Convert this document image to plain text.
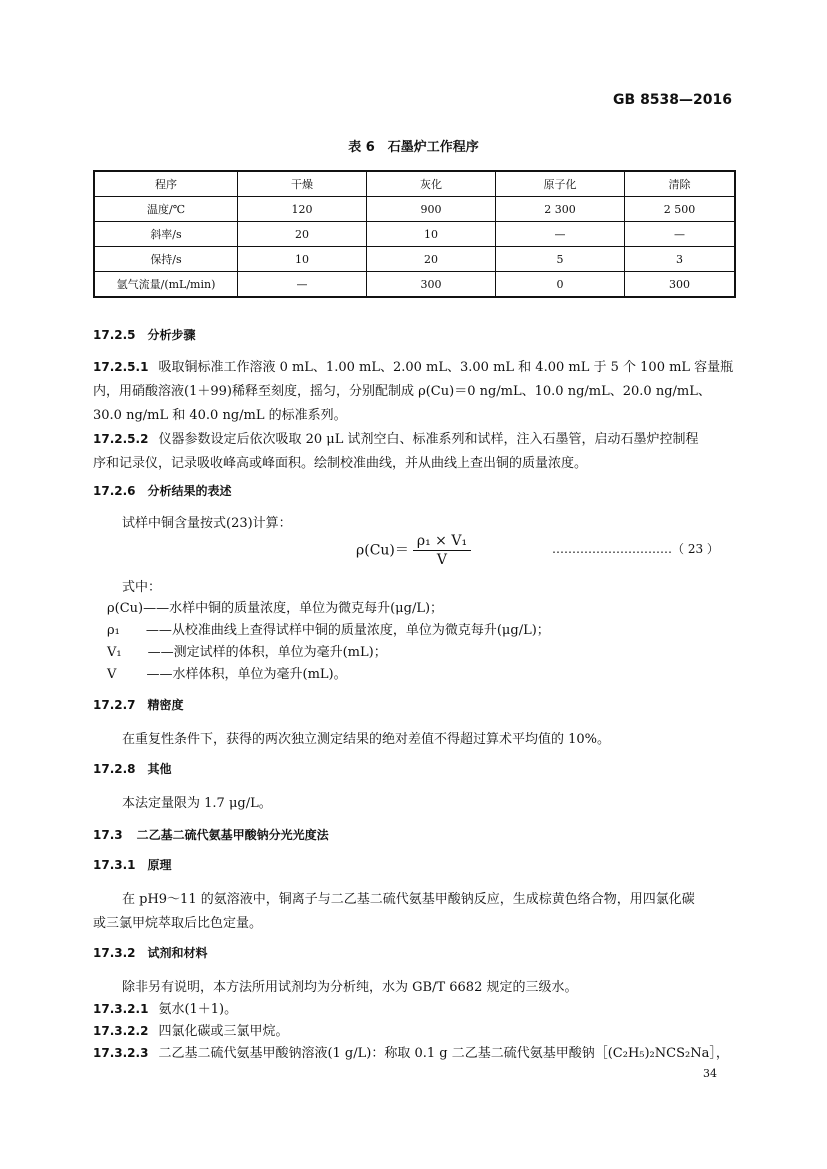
GB 8538—2016
表 6　石墨炉工作程序
程序	干燥	灰化	原子化	清除
温度/℃	120	900	2 300	2 500
斜率/s	20	10	—	—
保持/s	10	20	5	3
氩气流量/(mL/min)	—	300	0	300
17.2.5 分析步骤
17.2.5.1 吸取铜标准工作溶液 0 mL、1.00 mL、2.00 mL、3.00 mL 和 4.00 mL 于 5 个 100 mL 容量瓶
内，用硝酸溶液(1＋99)稀释至刻度，摇匀，分别配制成 ρ(Cu)＝0 ng/mL、10.0 ng/mL、20.0 ng/mL、
30.0 ng/mL 和 40.0 ng/mL 的标准系列。
17.2.5.2 仪器参数设定后依次吸取 20 μL 试剂空白、标准系列和试样，注入石墨管，启动石墨炉控制程
序和记录仪，记录吸收峰高或峰面积。绘制校准曲线，并从曲线上查出铜的质量浓度。
17.2.6 分析结果的表述
试样中铜含量按式(23)计算：
$\rho(Cu)= \frac{\text{ρ₁ × V₁}}{V}$	…………………………（ 23 ）
式中：
ρ(Cu)——水样中铜的质量浓度，单位为微克每升(μg/L)；
ρ₁　　——从校准曲线上查得试样中铜的质量浓度，单位为微克每升(μg/L)；
V₁　　——测定试样的体积，单位为毫升(mL)；
V　　 ——水样体积，单位为毫升(mL)。
17.2.7 精密度
在重复性条件下，获得的两次独立测定结果的绝对差值不得超过算术平均值的 10%。
17.2.8 其他
本法定量限为 1.7 μg/L。
17.3 二乙基二硫代氨基甲酸钠分光光度法
17.3.1 原理
在 pH9～11 的氨溶液中，铜离子与二乙基二硫代氨基甲酸钠反应，生成棕黄色络合物，用四氯化碳
或三氯甲烷萃取后比色定量。
17.3.2 试剂和材料
除非另有说明，本方法所用试剂均为分析纯，水为 GB/T 6682 规定的三级水。
17.3.2.1 氨水(1＋1)。
17.3.2.2 四氯化碳或三氯甲烷。
17.3.2.3 二乙基二硫代氨基甲酸钠溶液(1 g/L)：称取 0.1 g 二乙基二硫代氨基甲酸钠［(C₂H₅)₂NCS₂Na］，
34
